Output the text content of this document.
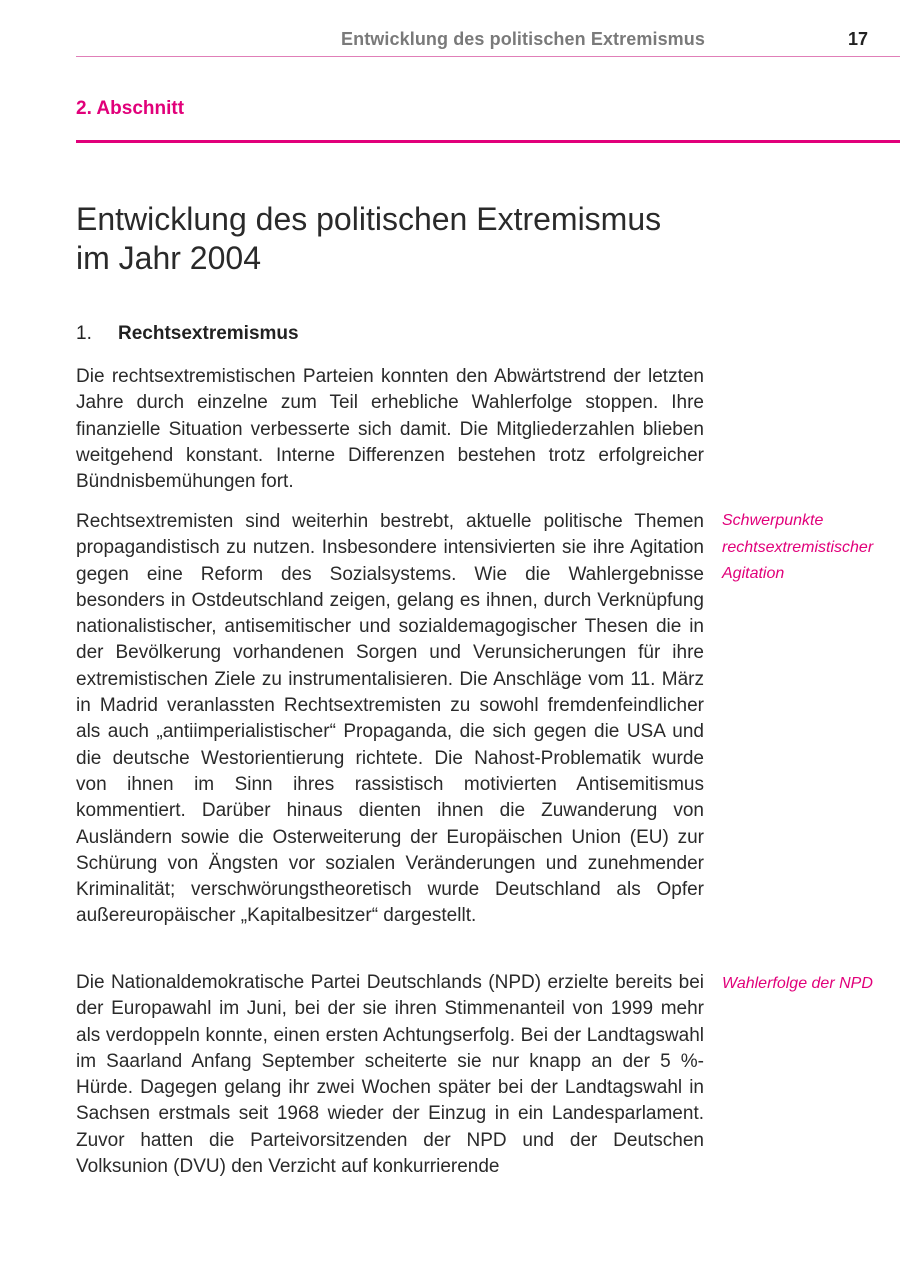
Entwicklung des politischen Extremismus	17
2. Abschnitt
Entwicklung des politischen Extremismus
im Jahr 2004
1. Rechtsextremismus

Die rechtsextremistischen Parteien konnten den Abwärtstrend der letzten Jahre durch einzelne zum Teil erhebliche Wahlerfolge stoppen. Ihre finanzielle Situation verbesserte sich damit. Die Mitgliederzahlen blieben weitgehend konstant. Interne Differenzen bestehen trotz erfolgreicher Bündnisbemühungen fort.

Rechtsextremisten sind weiterhin bestrebt, aktuelle politische Themen propagandistisch zu nutzen. Insbesondere intensivierten sie ihre Agitation gegen eine Reform des Sozialsystems. Wie die Wahlergebnisse besonders in Ostdeutschland zeigen, gelang es ihnen, durch Verknüpfung nationalistischer, antisemitischer und sozialdemagogischer Thesen die in der Bevölkerung vorhandenen Sorgen und Verunsicherungen für ihre extremistischen Ziele zu instrumentalisieren. Die Anschläge vom 11. März in Madrid veranlassten Rechtsextremisten zu sowohl fremdenfeindlicher als auch „antiimperialistischer“ Propaganda, die sich gegen die USA und die deutsche Westorientierung richtete. Die Nahost-Problematik wurde von ihnen im Sinn ihres rassistisch motivierten Antisemitismus kommentiert. Darüber hinaus dienten ihnen die Zuwanderung von Ausländern sowie die Osterweiterung der Europäischen Union (EU) zur Schürung von Ängsten vor sozialen Veränderungen und zunehmender Kriminalität; verschwörungstheoretisch wurde Deutschland als Opfer außereuropäischer „Kapitalbesitzer“ dargestellt.

Die Nationaldemokratische Partei Deutschlands (NPD) erzielte bereits bei der Europawahl im Juni, bei der sie ihren Stimmenanteil von 1999 mehr als verdoppeln konnte, einen ersten Achtungserfolg. Bei der Landtagswahl im Saarland Anfang September scheiterte sie nur knapp an der 5 %-Hürde. Dagegen gelang ihr zwei Wochen später bei der Landtagswahl in Sachsen erstmals seit 1968 wieder der Einzug in ein Landesparlament. Zuvor hatten die Parteivorsitzenden der NPD und der Deutschen Volksunion (DVU) den Verzicht auf konkurrierende

Schwerpunkte rechtsextremistischer Agitation

Wahlerfolge der NPD
